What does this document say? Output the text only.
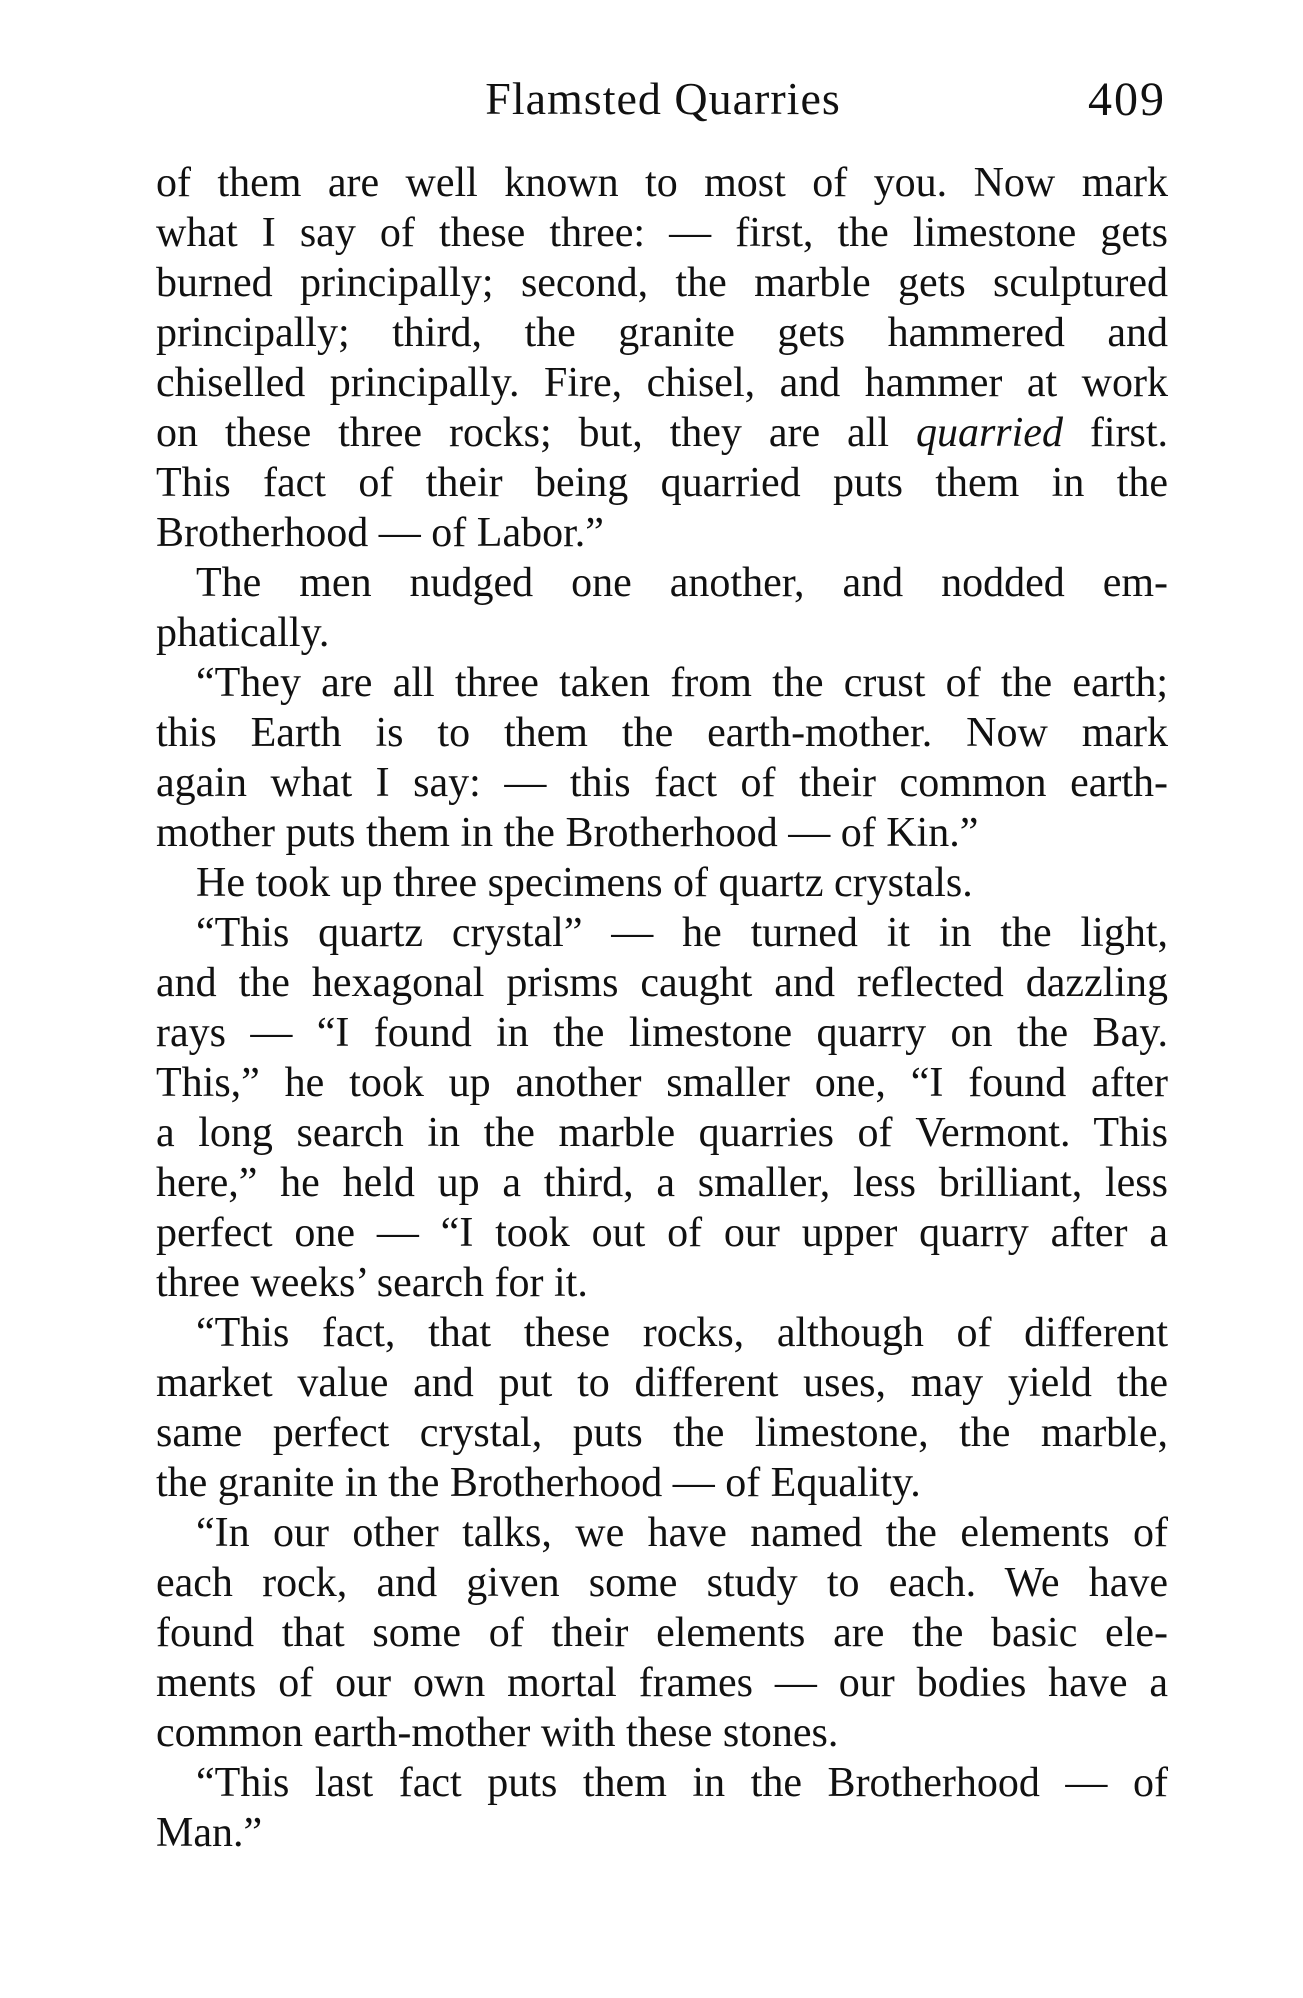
Flamsted Quarries	409
of them are well known to most of you. Now mark
what I say of these three: — first, the limestone gets
burned principally; second, the marble gets sculptured
principally; third, the granite gets hammered and
chiselled principally. Fire, chisel, and hammer at work
on these three rocks; but, they are all quarried first.
This fact of their being quarried puts them in the
Brotherhood — of Labor.”
The men nudged one another, and nodded em-
phatically.
“They are all three taken from the crust of the earth;
this Earth is to them the earth-mother. Now mark
again what I say: — this fact of their common earth-
mother puts them in the Brotherhood — of Kin.”
He took up three specimens of quartz crystals.
“This quartz crystal” — he turned it in the light,
and the hexagonal prisms caught and reflected dazzling
rays — “I found in the limestone quarry on the Bay.
This,” he took up another smaller one, “I found after
a long search in the marble quarries of Vermont. This
here,” he held up a third, a smaller, less brilliant, less
perfect one — “I took out of our upper quarry after a
three weeks’ search for it.
“This fact, that these rocks, although of different
market value and put to different uses, may yield the
same perfect crystal, puts the limestone, the marble,
the granite in the Brotherhood — of Equality.
“In our other talks, we have named the elements of
each rock, and given some study to each. We have
found that some of their elements are the basic ele-
ments of our own mortal frames — our bodies have a
common earth-mother with these stones.
“This last fact puts them in the Brotherhood — of
Man.”
